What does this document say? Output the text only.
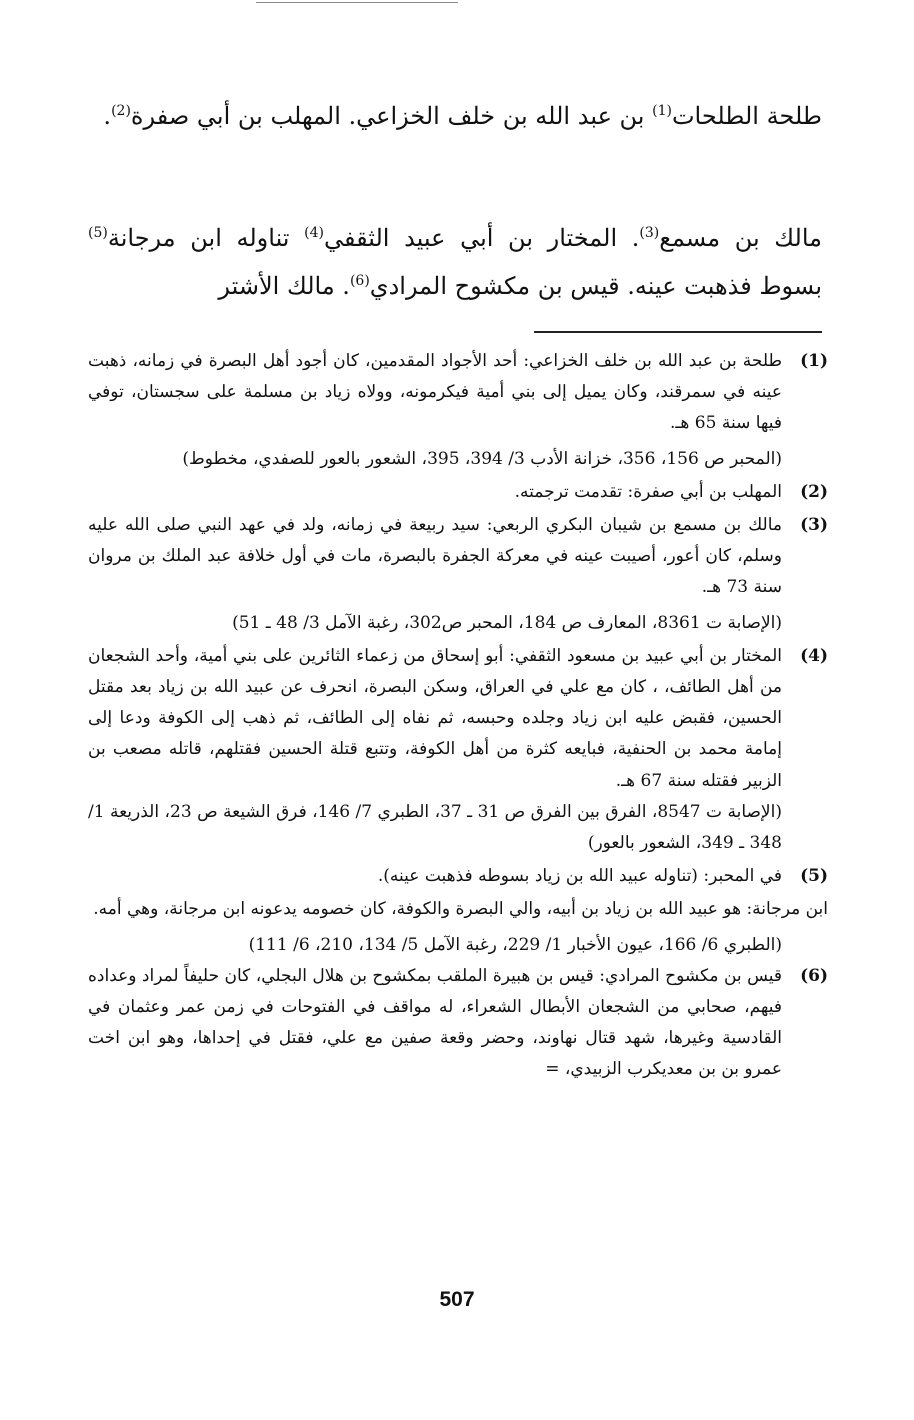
طلحة الطلحات$^{(1)}$ بن عبد الله بن خلف الخزاعي. المهلب بن أبي صفرة$^{(2)}$.
مالك بن مسمع$^{(3)}$. المختار بن أبي عبيد الثقفي$^{(4)}$ تناوله ابن مرجانة$^{(5)}$ بسوط فذهبت عينه. قيس بن مكشوح المرادي$^{(6)}$. مالك الأشتر
(1)

طلحة بن عبد الله بن خلف الخزاعي: أحد الأجواد المقدمين، كان أجود أهل البصرة في زمانه، ذهبت عينه في سمرقند، وكان يميل إلى بني أمية فيكرمونه، وولاه زياد بن مسلمة على سجستان، توفي فيها سنة 65 هـ.

(المحبر ص 156، 356، خزانة الأدب 3/ 394، 395، الشعور بالعور للصفدي، مخطوط)

(2)

المهلب بن أبي صفرة: تقدمت ترجمته.

(3)

مالك بن مسمع بن شيبان البكري الربعي: سيد ربيعة في زمانه، ولد في عهد النبي صلى الله عليه وسلم، كان أعور، أصيبت عينه في معركة الجفرة بالبصرة، مات في أول خلافة عبد الملك بن مروان سنة 73 هـ.

(الإصابة ت 8361، المعارف ص 184، المحبر ص302، رغبة الآمل 3/ 48 ـ 51)

(4)

المختار بن أبي عبيد بن مسعود الثقفي: أبو إسحاق من زعماء الثائرين على بني أمية، وأحد الشجعان من أهل الطائف، ، كان مع علي في العراق، وسكن البصرة، انحرف عن عبيد الله بن زياد بعد مقتل الحسين، فقبض عليه ابن زياد وجلده وحبسه، ثم نفاه إلى الطائف، ثم ذهب إلى الكوفة ودعا إلى إمامة محمد بن الحنفية، فبايعه كثرة من أهل الكوفة، وتتبع قتلة الحسين فقتلهم، قاتله مصعب بن الزبير فقتله سنة 67 هـ.

(الإصابة ت 8547، الفرق بين الفرق ص 31 ـ 37، الطبري 7/ 146، فرق الشيعة ص 23، الذريعة 1/ 348 ـ 349، الشعور بالعور)

(5)

في المحبر: (تناوله عبيد الله بن زياد بسوطه فذهبت عينه).

ابن مرجانة: هو عبيد الله بن زياد بن أبيه، والي البصرة والكوفة، كان خصومه يدعونه ابن مرجانة، وهي أمه.

(الطبري 6/ 166، عيون الأخبار 1/ 229، رغبة الآمل 5/ 134، 210، 6/ 111)

(6)

قيس بن مكشوح المرادي: قيس بن هبيرة الملقب بمكشوح بن هلال البجلي، كان حليفاً لمراد وعداده فيهم، صحابي من الشجعان الأبطال الشعراء، له مواقف في الفتوحات في زمن عمر وعثمان في القادسية وغيرها، شهد قتال نهاوند، وحضر وقعة صفين مع علي، فقتل في إحداها، وهو ابن اخت عمرو بن بن معديكرب الزبيدي، =

507
